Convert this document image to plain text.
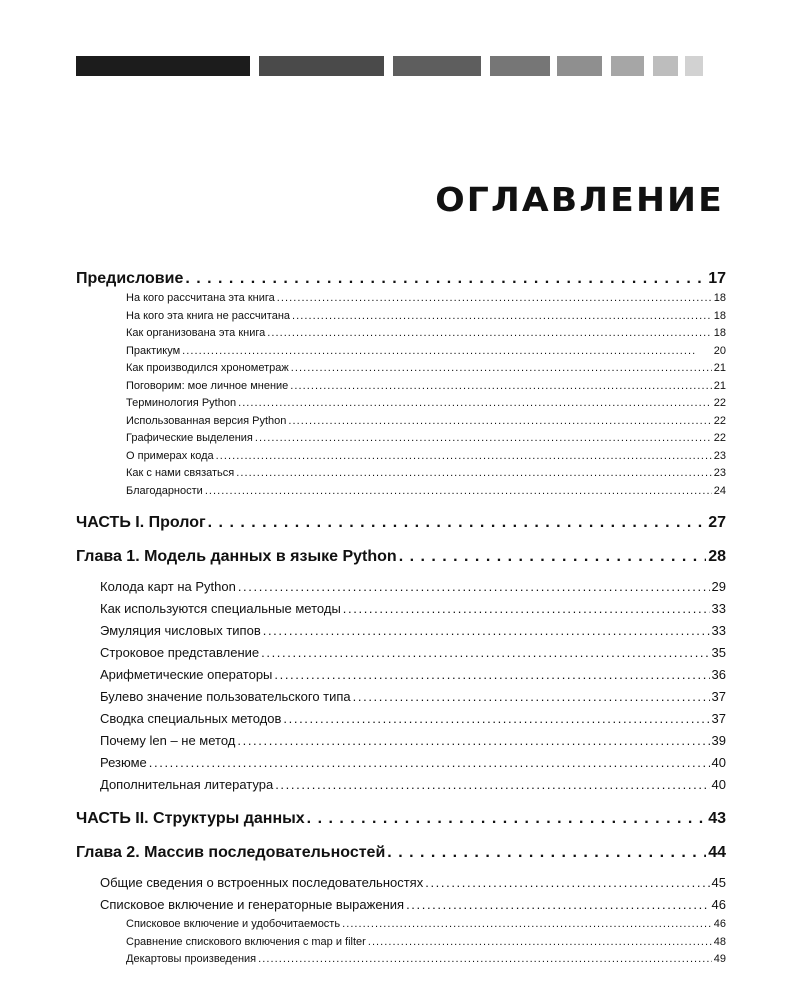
ОГЛАВЛЕНИЕ
Предисловие . . .	17
На кого рассчитана эта книга . . .	18
На кого эта книга не рассчитана . . .	18
Как организована эта книга . . .	18
Практикум . . .	20
Как производился хронометраж . . .	21
Поговорим: мое личное мнение . . .	21
Терминология Python . . .	22
Использованная версия Python . . .	22
Графические выделения . . .	22
О примерах кода . . .	23
Как с нами связаться . . .	23
Благодарности . . .	24
ЧАСТЬ I. Пролог . . .	27
Глава 1. Модель данных в языке Python . . .	28
Колода карт на Python . . .	29
Как используются специальные методы . . .	33
Эмуляция числовых типов . . .	33
Строковое представление . . .	35
Арифметические операторы . . .	36
Булево значение пользовательского типа . . .	37
Сводка специальных методов . . .	37
Почему len – не метод . . .	39
Резюме . . .	40
Дополнительная литература . . .	40
ЧАСТЬ II. Структуры данных . . .	43
Глава 2. Массив последовательностей . . .	44
Общие сведения о встроенных последовательностях . . .	45
Списковое включение и генераторные выражения . . .	46
Списковое включение и удобочитаемость . . .	46
Сравнение спискового включения с map и filter . . .	48
Декартовы произведения . . .	49
